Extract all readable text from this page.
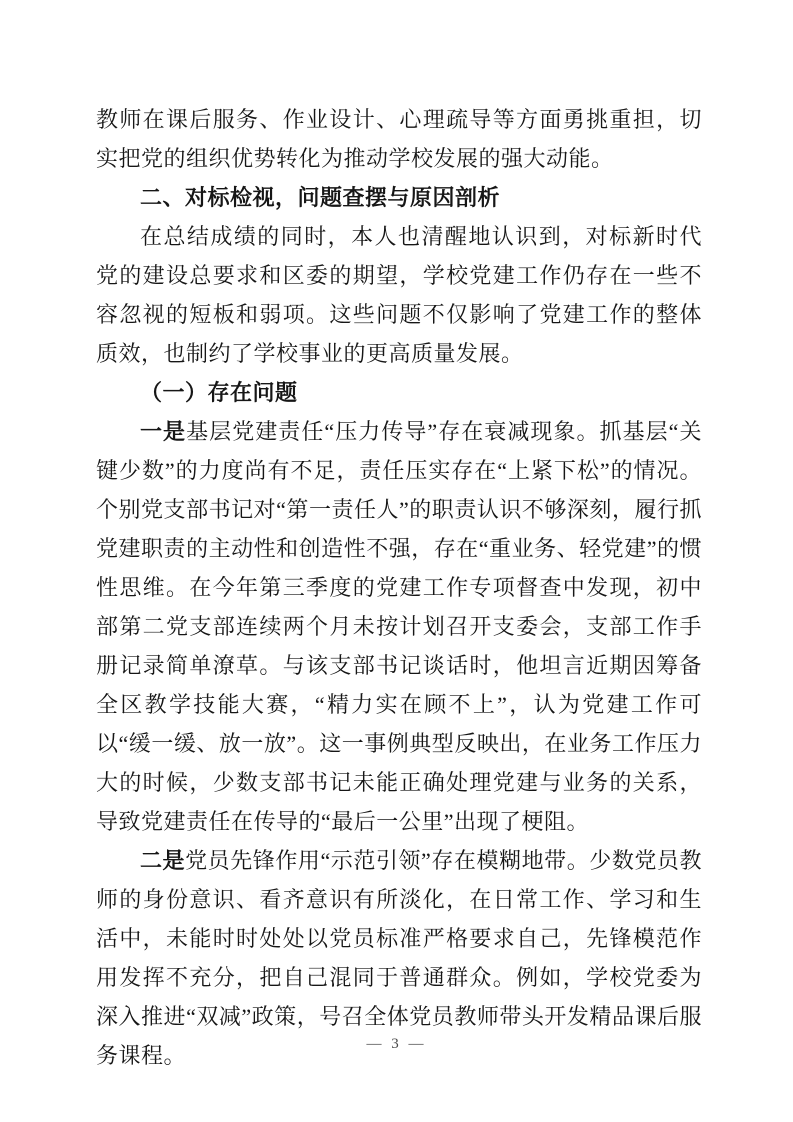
教师在课后服务、作业设计、心理疏导等方面勇挑重担，切实把党的组织优势转化为推动学校发展的强大动能。

二、对标检视，问题查摆与原因剖析

在总结成绩的同时，本人也清醒地认识到，对标新时代党的建设总要求和区委的期望，学校党建工作仍存在一些不容忽视的短板和弱项。这些问题不仅影响了党建工作的整体质效，也制约了学校事业的更高质量发展。

（一）存在问题

一是基层党建责任“压力传导”存在衰减现象。抓基层“关键少数”的力度尚有不足，责任压实存在“上紧下松”的情况。个别党支部书记对“第一责任人”的职责认识不够深刻，履行抓党建职责的主动性和创造性不强，存在“重业务、轻党建”的惯性思维。在今年第三季度的党建工作专项督查中发现，初中部第二党支部连续两个月未按计划召开支委会，支部工作手册记录简单潦草。与该支部书记谈话时，他坦言近期因筹备全区教学技能大赛，“精力实在顾不上”，认为党建工作可以“缓一缓、放一放”。这一事例典型反映出，在业务工作压力大的时候，少数支部书记未能正确处理党建与业务的关系，导致党建责任在传导的“最后一公里”出现了梗阻。

二是党员先锋作用“示范引领”存在模糊地带。少数党员教师的身份意识、看齐意识有所淡化，在日常工作、学习和生活中，未能时时处处以党员标准严格要求自己，先锋模范作用发挥不充分，把自己混同于普通群众。例如，学校党委为深入推进“双减”政策，号召全体党员教师带头开发精品课后服务课程。	— 3 —
